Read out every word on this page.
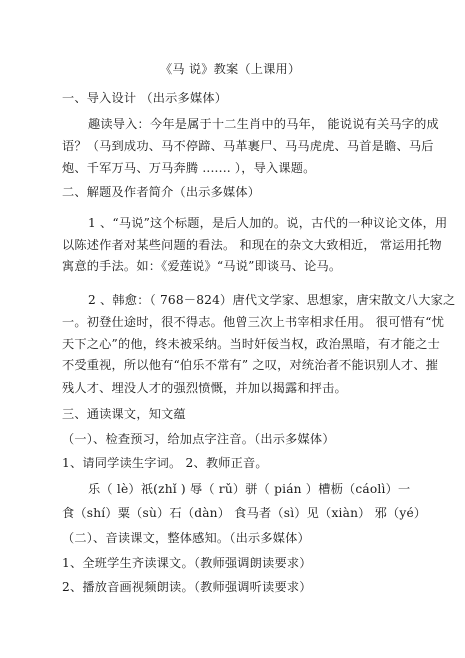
《马 说》教案（上课用）
一、导入设计 （出示多媒体）
趣读导入：今年是属于十二生肖中的马年， 能说说有关马字的成
语？（马到成功、马不停蹄、马革裹尸、马马虎虎、马首是瞻、马后
炮、千军万马、万马奔腾 ....... ），导入课题。
二、解题及作者简介（出示多媒体）
1 、“马说”这个标题，是后人加的。说，古代的一种议论文体，用
以陈述作者对某些问题的看法。 和现在的杂文大致相近， 常运用托物
寓意的手法。如：《爱莲说》“马说”即谈马、论马。
2 、韩愈：（ 768－824）唐代文学家、思想家，唐宋散文八大家之
一。初登仕途时，很不得志。他曾三次上书宰相求任用。 很可惜有“忧
天下之心”的他，终未被采纳。当时奸佞当权，政治黑暗，有才能之士
不受重视，所以他有“伯乐不常有” 之叹，对统治者不能识别人才、摧
残人才、埋没人才的强烈愤慨，并加以揭露和抨击。
三、通读课文，知文蕴
（一）、检查预习，给加点字注音。（出示多媒体）
1、请同学读生字词。 2、教师正音。
乐（ lè）祇(zhǐ ) 辱（ rǔ）骈（ pián ）槽枥（cáolì）一
食（shí）粟（sù）石（dàn） 食马者（sì）见（xiàn） 邪（yé）
（二）、音读课文，整体感知。（出示多媒体）
1、全班学生齐读课文。（教师强调朗读要求）
2、播放音画视频朗读。（教师强调听读要求）
